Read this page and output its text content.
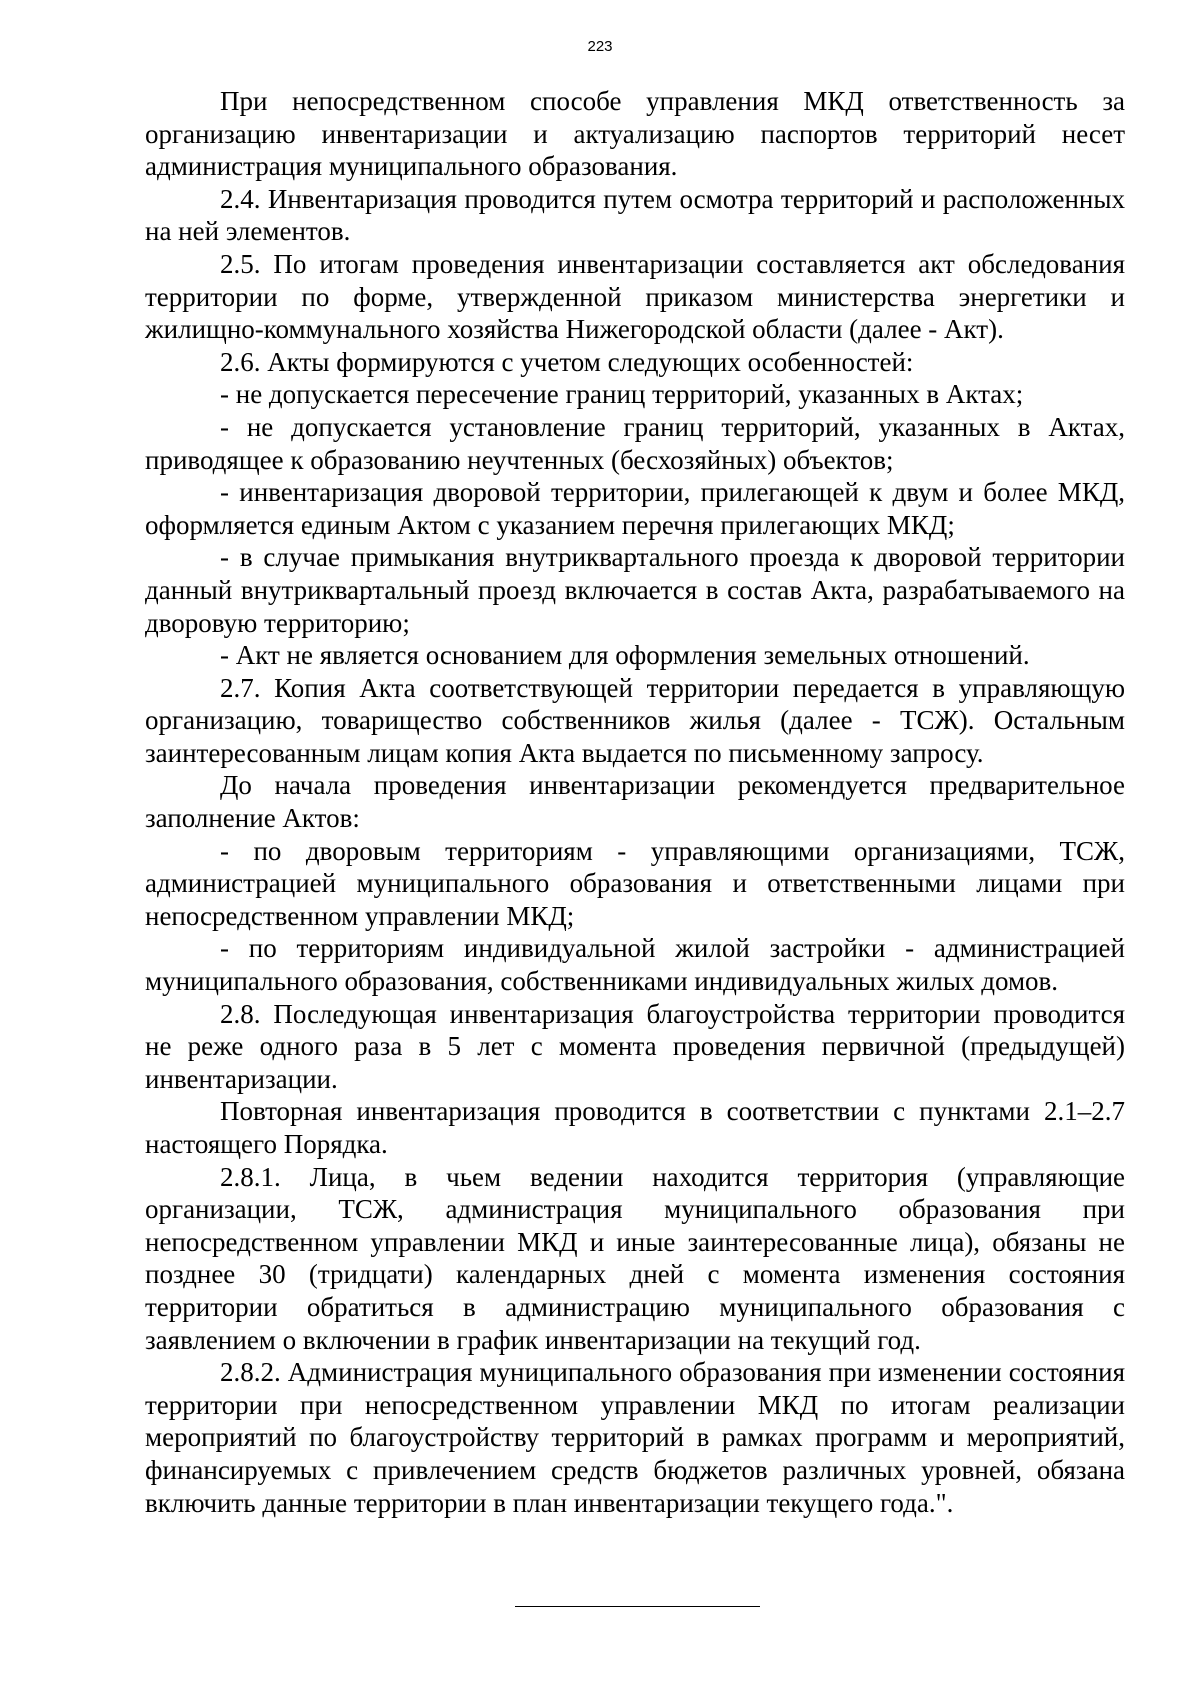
223

При непосредственном способе управления МКД ответственность за организацию инвентаризации и актуализацию паспортов территорий несет администрация муниципального образования.

2.4. Инвентаризация проводится путем осмотра территорий и расположенных на ней элементов.

2.5. По итогам проведения инвентаризации составляется акт обследования территории по форме, утвержденной приказом министерства энергетики и жилищно-коммунального хозяйства Нижегородской области (далее - Акт).

2.6. Акты формируются с учетом следующих особенностей:

- не допускается пересечение границ территорий, указанных в Актах;

- не допускается установление границ территорий, указанных в Актах, приводящее к образованию неучтенных (бесхозяйных) объектов;

- инвентаризация дворовой территории, прилегающей к двум и более МКД, оформляется единым Актом с указанием перечня прилегающих МКД;

- в случае примыкания внутриквартального проезда к дворовой территории данный внутриквартальный проезд включается в состав Акта, разрабатываемого на дворовую территорию;

- Акт не является основанием для оформления земельных отношений.

2.7. Копия Акта соответствующей территории передается в управляющую организацию, товарищество собственников жилья (далее - ТСЖ). Остальным заинтересованным лицам копия Акта выдается по письменному запросу.

До начала проведения инвентаризации рекомендуется предварительное заполнение Актов:

- по дворовым территориям - управляющими организациями, ТСЖ, администрацией муниципального образования и ответственными лицами при непосредственном управлении МКД;

- по территориям индивидуальной жилой застройки - администрацией муниципального образования, собственниками индивидуальных жилых домов.

2.8. Последующая инвентаризация благоустройства территории проводится не реже одного раза в 5 лет с момента проведения первичной (предыдущей) инвентаризации.

Повторная инвентаризация проводится в соответствии с пунктами 2.1–2.7 настоящего Порядка.

2.8.1. Лица, в чьем ведении находится территория (управляющие организации, ТСЖ, администрация муниципального образования при непосредственном управлении МКД и иные заинтересованные лица), обязаны не позднее 30 (тридцати) календарных дней с момента изменения состояния территории обратиться в администрацию муниципального образования с заявлением о включении в график инвентаризации на текущий год.

2.8.2. Администрация муниципального образования при изменении состояния территории при непосредственном управлении МКД по итогам реализации мероприятий по благоустройству территорий в рамках программ и мероприятий, финансируемых с привлечением средств бюджетов различных уровней, обязана включить данные территории в план инвентаризации текущего года.".
